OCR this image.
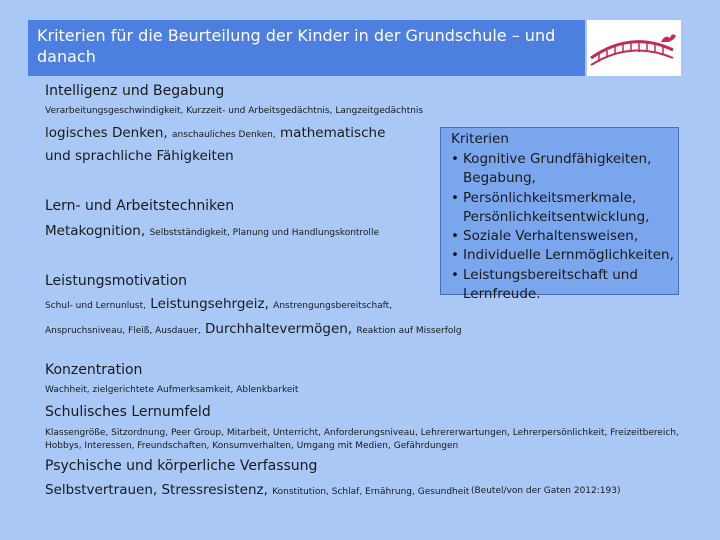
Kriterien für die Beurteilung der Kinder in der Grundschule – und danach
Intelligenz und Begabung
Verarbeitungsgeschwindigkeit, Kurzzeit- und Arbeitsgedächtnis, Langzeitgedächtnis
logisches Denken, anschauliches Denken, mathematische
und sprachliche Fähigkeiten
Lern- und Arbeitstechniken
Metakognition, Selbstständigkeit, Planung und Handlungskontrolle
Leistungsmotivation
Schul- und Lernunlust, Leistungsehrgeiz, Anstrengungsbereitschaft,
Anspruchsniveau, Fleiß, Ausdauer, Durchhaltevermögen, Reaktion auf Misserfolg
Konzentration
Wachheit, zielgerichtete Aufmerksamkeit, Ablenkbarkeit
Schulisches Lernumfeld
Klassengröße, Sitzordnung, Peer Group, Mitarbeit, Unterricht, Anforderungsniveau, Lehrererwartungen, Lehrerpersönlichkeit, Freizeitbereich,
Hobbys, Interessen, Freundschaften, Konsumverhalten, Umgang mit Medien, Gefährdungen
Psychische und körperliche Verfassung
Selbstvertrauen, Stressresistenz, Konstitution, Schlaf, Ernährung, Gesundheit (Beutel/von der Gaten 2012:193)
Kriterien
• Kognitive Grundfähigkeiten,
Begabung,
• Persönlichkeitsmerkmale,
Persönlichkeitsentwicklung,
• Soziale Verhaltensweisen,
• Individuelle Lernmöglichkeiten,
• Leistungsbereitschaft und
Lernfreude.
